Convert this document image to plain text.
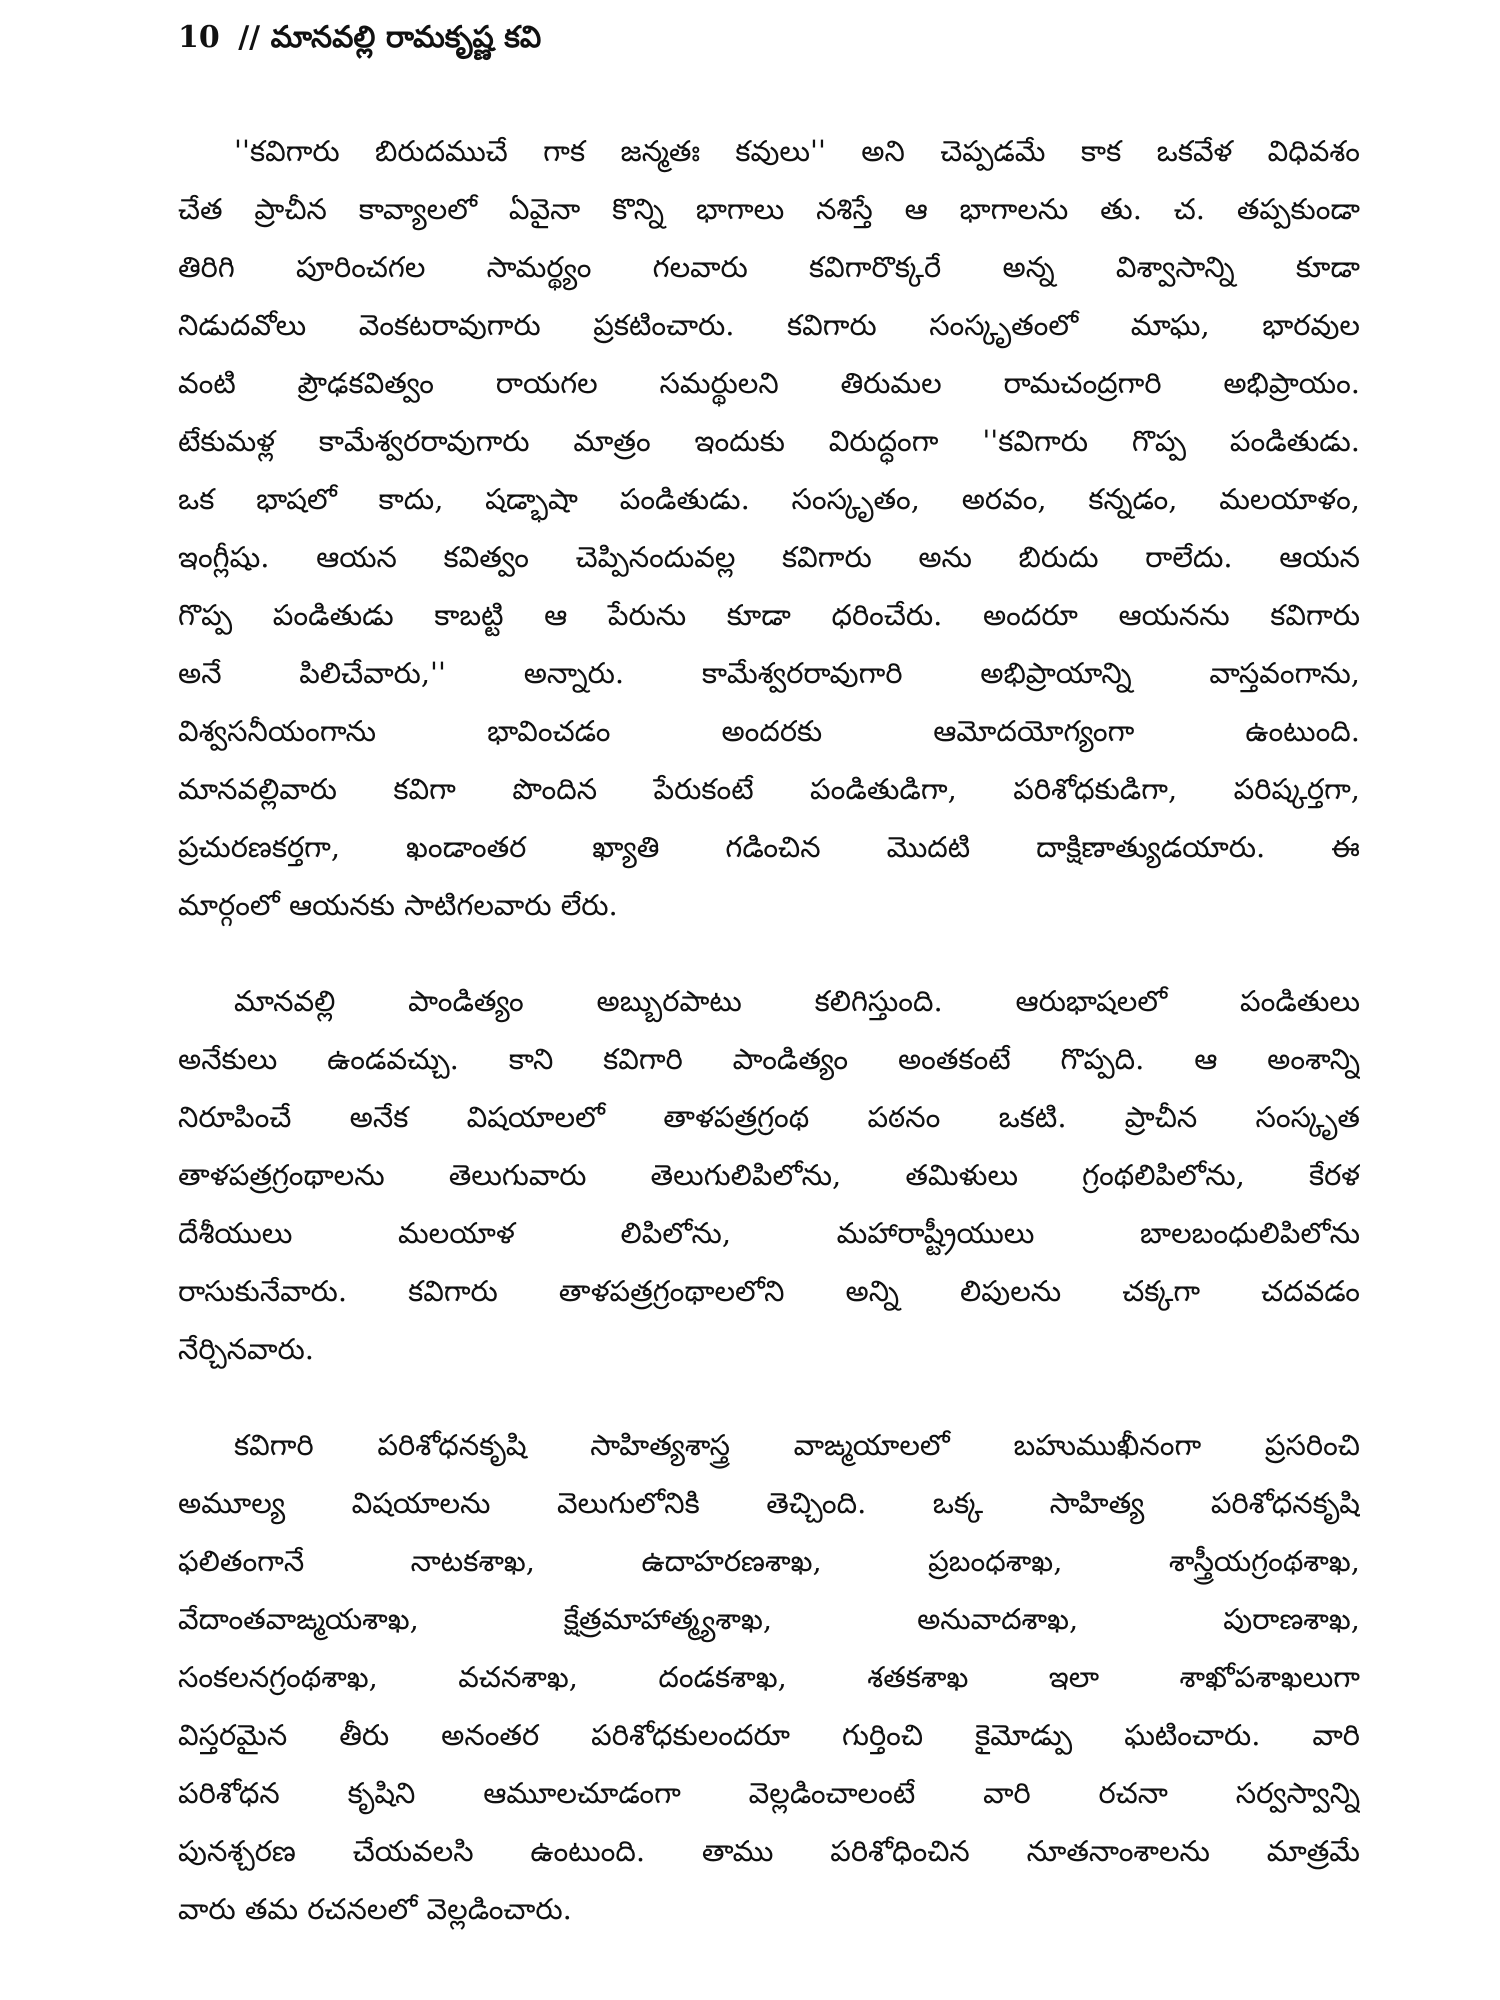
10 // మానవల్లి రామకృష్ణ కవి
''కవిగారు బిరుదముచే గాక జన్మతః కవులు'' అని చెప్పడమే కాక ఒకవేళ విధివశం
చేత ప్రాచీన కావ్యాలలో ఏవైనా కొన్ని భాగాలు నశిస్తే ఆ భాగాలను తు. చ. తప్పకుండా
తిరిగి పూరించగల సామర్థ్యం గలవారు కవిగారొక్కరే అన్న విశ్వాసాన్ని కూడా
నిడుదవోలు వెంకటరావుగారు ప్రకటించారు. కవిగారు సంస్కృతంలో మాఘ, భారవుల
వంటి ప్రౌఢకవిత్వం రాయగల సమర్థులని తిరుమల రామచంద్రగారి అభిప్రాయం.
టేకుమళ్ల కామేశ్వరరావుగారు మాత్రం ఇందుకు విరుద్ధంగా ''కవిగారు గొప్ప పండితుడు.
ఒక భాషలో కాదు, షడ్భాషా పండితుడు. సంస్కృతం, అరవం, కన్నడం, మలయాళం,
ఇంగ్లీషు. ఆయన కవిత్వం చెప్పినందువల్ల కవిగారు అను బిరుదు రాలేదు. ఆయన
గొప్ప పండితుడు కాబట్టి ఆ పేరును కూడా ధరించేరు. అందరూ ఆయనను కవిగారు
అనే పిలిచేవారు,'' అన్నారు. కామేశ్వరరావుగారి అభిప్రాయాన్ని వాస్తవంగాను,
విశ్వసనీయంగాను భావించడం అందరకు ఆమోదయోగ్యంగా ఉంటుంది.
మానవల్లివారు కవిగా పొందిన పేరుకంటే పండితుడిగా, పరిశోధకుడిగా, పరిష్కర్తగా,
ప్రచురణకర్తగా, ఖండాంతర ఖ్యాతి గడించిన మొదటి దాక్షిణాత్యుడయారు. ఈ
మార్గంలో ఆయనకు సాటిగలవారు లేరు.
మానవల్లి పాండిత్యం అబ్బురపాటు కలిగిస్తుంది. ఆరుభాషలలో పండితులు
అనేకులు ఉండవచ్చు. కాని కవిగారి పాండిత్యం అంతకంటే గొప్పది. ఆ అంశాన్ని
నిరూపించే అనేక విషయాలలో తాళపత్రగ్రంథ పఠనం ఒకటి. ప్రాచీన సంస్కృత
తాళపత్రగ్రంథాలను తెలుగువారు తెలుగులిపిలోను, తమిళులు గ్రంథలిపిలోను, కేరళ
దేశీయులు మలయాళ లిపిలోను, మహారాష్ట్రీయులు బాలబంధులిపిలోను
రాసుకునేవారు. కవిగారు తాళపత్రగ్రంథాలలోని అన్ని లిపులను చక్కగా చదవడం
నేర్చినవారు.
కవిగారి పరిశోధనకృషి సాహిత్యశాస్త్ర వాఙ్మయాలలో బహుముఖీనంగా ప్రసరించి
అమూల్య విషయాలను వెలుగులోనికి తెచ్చింది. ఒక్క సాహిత్య పరిశోధనకృషి
ఫలితంగానే నాటకశాఖ, ఉదాహరణశాఖ, ప్రబంధశాఖ, శాస్త్రీయగ్రంథశాఖ,
వేదాంతవాఙ్మయశాఖ, క్షేత్రమాహాత్మ్యశాఖ, అనువాదశాఖ, పురాణశాఖ,
సంకలనగ్రంథశాఖ, వచనశాఖ, దండకశాఖ, శతకశాఖ ఇలా శాఖోపశాఖలుగా
విస్తరమైన తీరు అనంతర పరిశోధకులందరూ గుర్తించి కైమోడ్పు ఘటించారు. వారి
పరిశోధన కృషిని ఆమూలచూడంగా వెల్లడించాలంటే వారి రచనా సర్వస్వాన్ని
పునశ్చరణ చేయవలసి ఉంటుంది. తాము పరిశోధించిన నూతనాంశాలను మాత్రమే
వారు తమ రచనలలో వెల్లడించారు.
